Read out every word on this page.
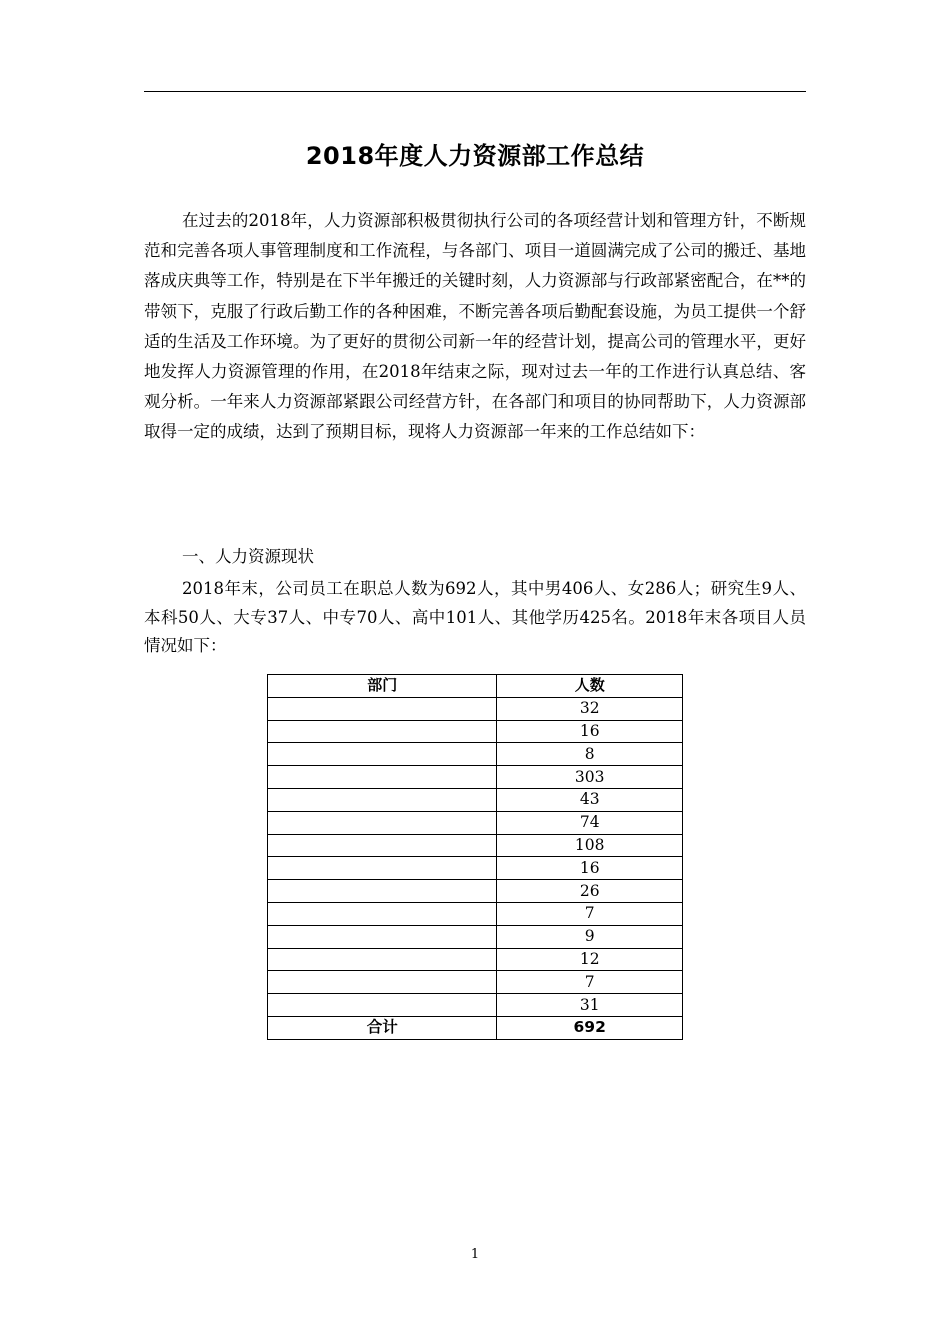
2018年度人力资源部工作总结

在过去的2018年，人力资源部积极贯彻执行公司的各项经营计划和管理方针，不断规范和完善各项人事管理制度和工作流程，与各部门、项目一道圆满完成了公司的搬迁、基地落成庆典等工作，特别是在下半年搬迁的关键时刻，人力资源部与行政部紧密配合，在**的带领下，克服了行政后勤工作的各种困难，不断完善各项后勤配套设施，为员工提供一个舒适的生活及工作环境。为了更好的贯彻公司新一年的经营计划，提高公司的管理水平，更好地发挥人力资源管理的作用，在2018年结束之际，现对过去一年的工作进行认真总结、客观分析。一年来人力资源部紧跟公司经营方针，在各部门和项目的协同帮助下，人力资源部取得一定的成绩，达到了预期目标，现将人力资源部一年来的工作总结如下：

一、人力资源现状

2018年末，公司员工在职总人数为692人，其中男406人、女286人；研究生9人、本科50人、大专37人、中专70人、高中101人、其他学历425名。2018年末各项目人员情况如下：

部门	人数
	32
	16
	8
	303
	43
	74
	108
	16
	26
	7
	9
	12
	7
	31
合计	692
1
